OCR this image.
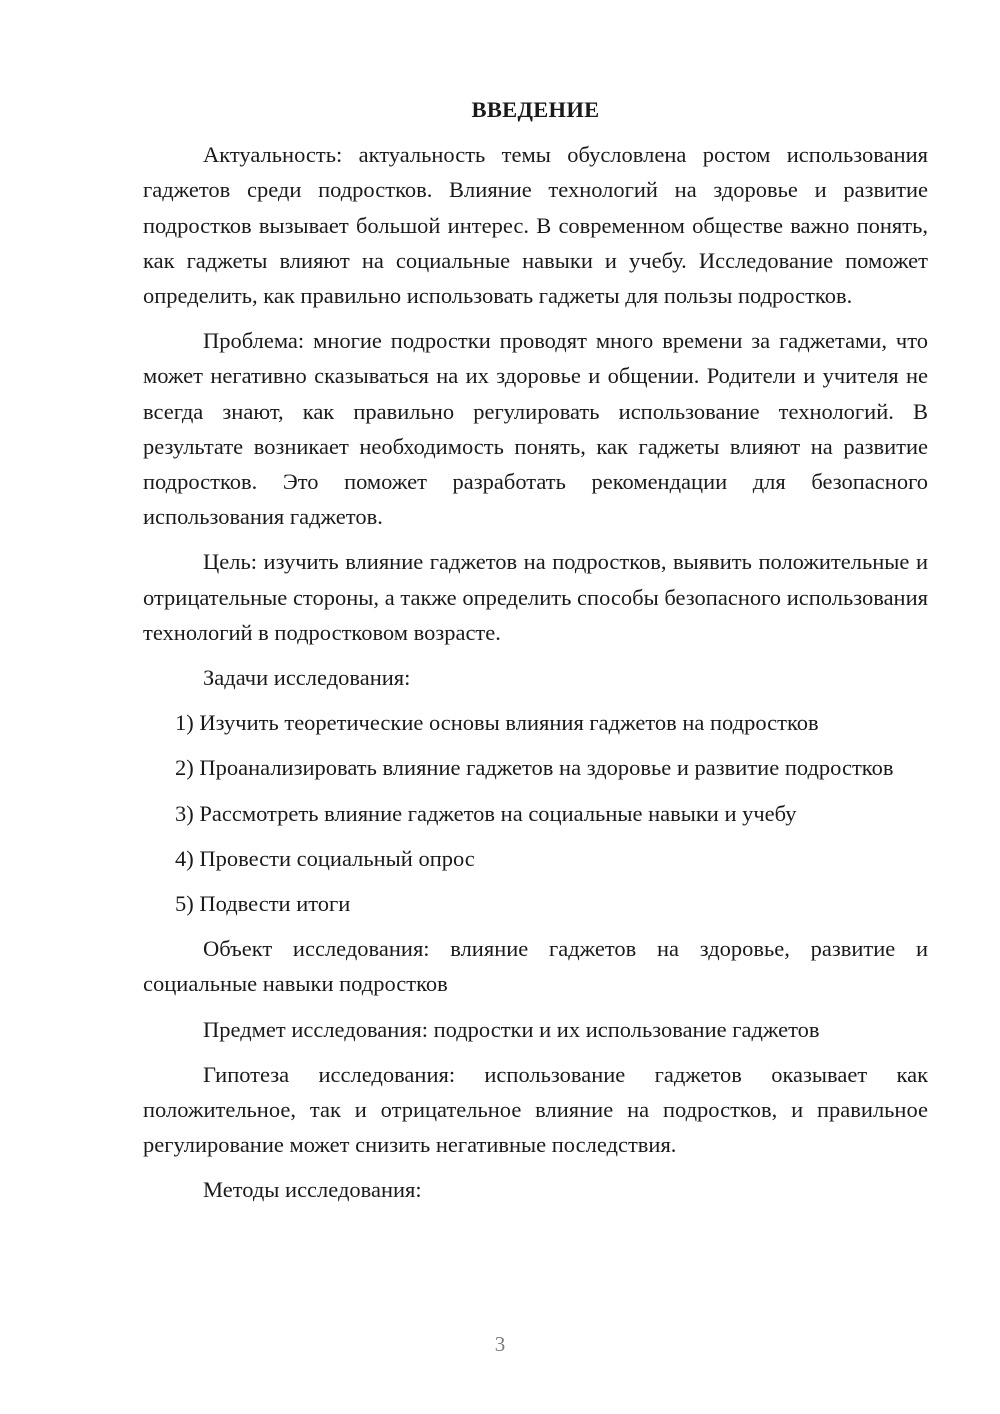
ВВЕДЕНИЕ
Актуальность: актуальность темы обусловлена ростом использования гаджетов среди подростков. Влияние технологий на здоровье и развитие подростков вызывает большой интерес. В современном обществе важно понять, как гаджеты влияют на социальные навыки и учебу. Исследование поможет определить, как правильно использовать гаджеты для пользы подростков.
Проблема: многие подростки проводят много времени за гаджетами, что может негативно сказываться на их здоровье и общении. Родители и учителя не всегда знают, как правильно регулировать использование технологий. В результате возникает необходимость понять, как гаджеты влияют на развитие подростков. Это поможет разработать рекомендации для безопасного использования гаджетов.
Цель: изучить влияние гаджетов на подростков, выявить положительные и отрицательные стороны, а также определить способы безопасного использования технологий в подростковом возрасте.
Задачи исследования:
1) Изучить теоретические основы влияния гаджетов на подростков
2) Проанализировать влияние гаджетов на здоровье и развитие подростков
3) Рассмотреть влияние гаджетов на социальные навыки и учебу
4) Провести социальный опрос
5) Подвести итоги
Объект исследования: влияние гаджетов на здоровье, развитие и социальные навыки подростков
Предмет исследования: подростки и их использование гаджетов
Гипотеза исследования: использование гаджетов оказывает как положительное, так и отрицательное влияние на подростков, и правильное регулирование может снизить негативные последствия.
Методы исследования:
3
